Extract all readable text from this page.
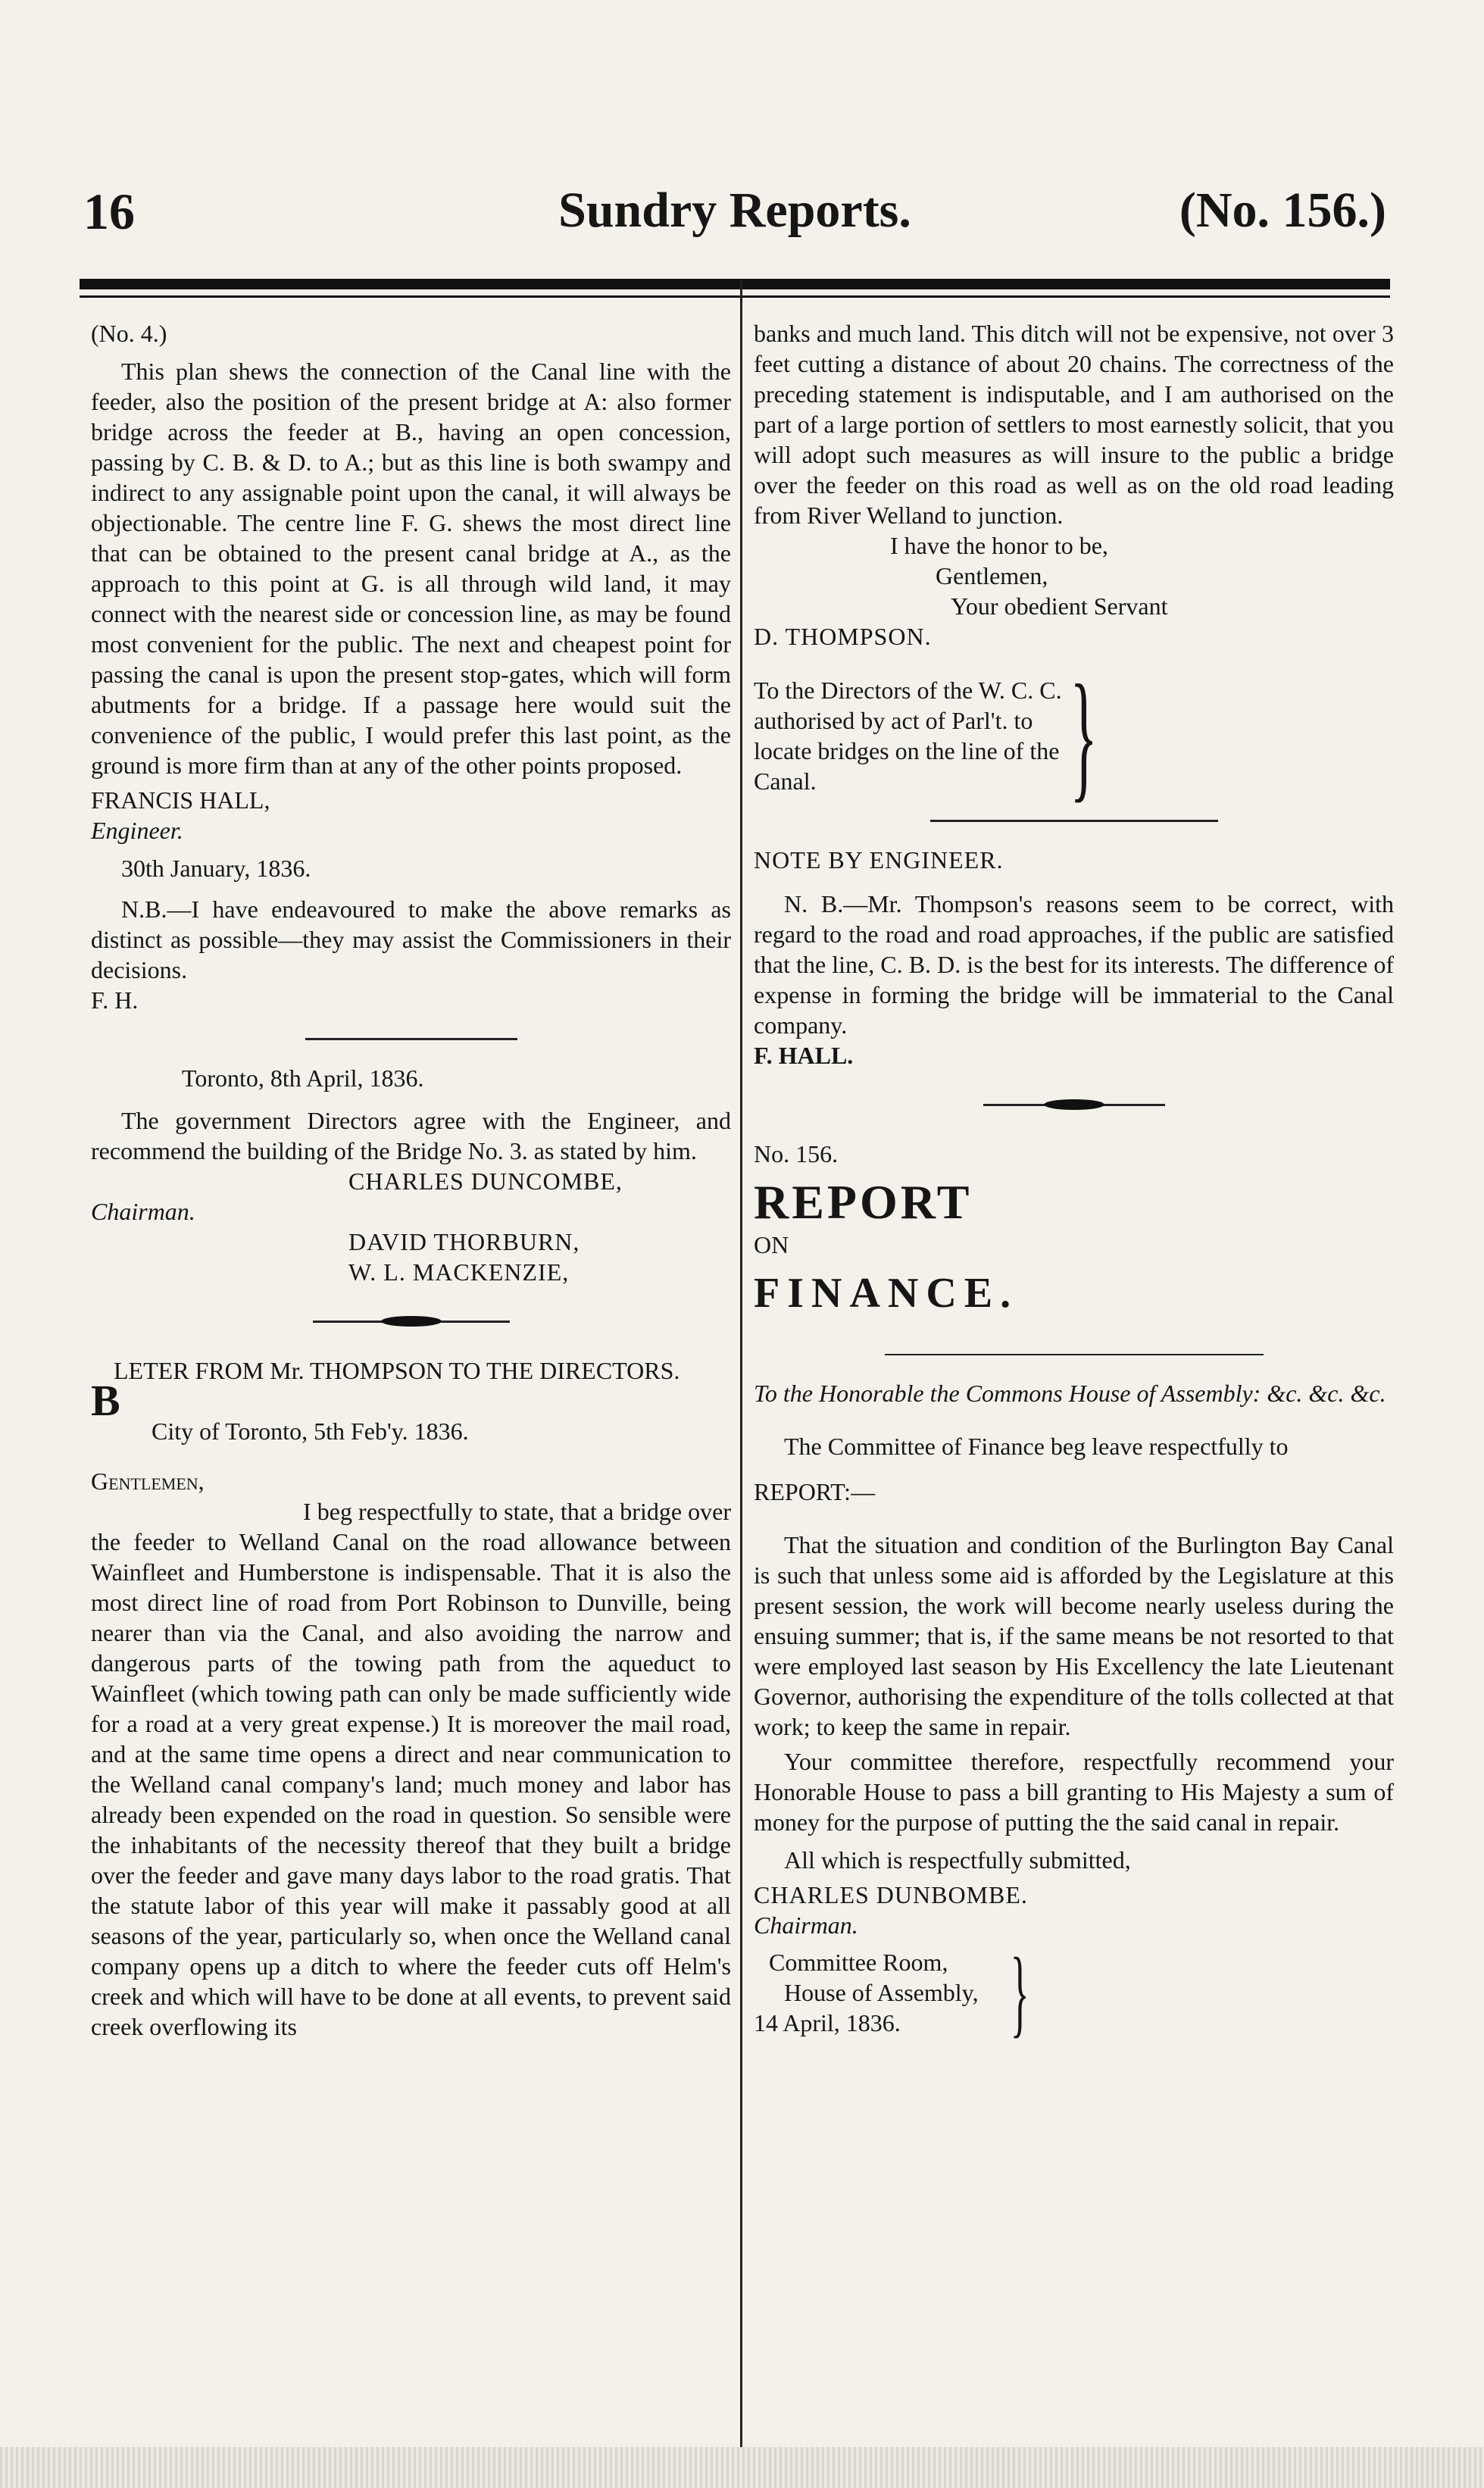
16	Sundry Reports.	(No. 156.)

(No. 4.)

This plan shews the connection of the Canal line with the feeder, also the position of the present bridge at A: also former bridge across the feeder at B., having an open concession, passing by C. B. & D. to A.; but as this line is both swampy and indirect to any assignable point upon the canal, it will always be objectionable. The centre line F. G. shews the most direct line that can be obtained to the present canal bridge at A., as the approach to this point at G. is all through wild land, it may connect with the nearest side or concession line, as may be found most convenient for the public. The next and cheapest point for passing the canal is upon the present stop-gates, which will form abutments for a bridge. If a passage here would suit the convenience of the public, I would prefer this last point, as the ground is more firm than at any of the other points proposed.

FRANCIS HALL,

Engineer.

30th January, 1836.

N.B.—I have endeavoured to make the above remarks as distinct as possible—they may assist the Commissioners in their decisions.

F. H.

Toronto, 8th April, 1836.

The government Directors agree with the Engineer, and recommend the building of the Bridge No. 3. as stated by him.

CHARLES DUNCOMBE,

Chairman.

DAVID THORBURN,

W. L. MACKENZIE,

LETER FROM Mr. THOMPSON TO THE DIRECTORS.

B

City of Toronto, 5th Feb'y. 1836.

Gentlemen,

I beg respectfully to state, that a bridge over the feeder to Welland Canal on the road allowance between Wainfleet and Humberstone is indispensable. That it is also the most direct line of road from Port Robinson to Dunville, being nearer than via the Canal, and also avoiding the narrow and dangerous parts of the towing path from the aqueduct to Wainfleet (which towing path can only be made sufficiently wide for a road at a very great expense.) It is moreover the mail road, and at the same time opens a direct and near communication to the Welland canal company's land; much money and labor has already been expended on the road in question. So sensible were the inhabitants of the necessity thereof that they built a bridge over the feeder and gave many days labor to the road gratis. That the statute labor of this year will make it passably good at all seasons of the year, particularly so, when once the Welland canal company opens up a ditch to where the feeder cuts off Helm's creek and which will have to be done at all events, to prevent said creek overflowing its

banks and much land. This ditch will not be expensive, not over 3 feet cutting a distance of about 20 chains. The correctness of the preceding statement is indisputable, and I am authorised on the part of a large portion of settlers to most earnestly solicit, that you will adopt such measures as will insure to the public a bridge over the feeder on this road as well as on the old road leading from River Welland to junction.

I have the honor to be,

Gentlemen,

Your obedient Servant

D. THOMPSON.

To the Directors of the W. C. C. authorised by act of Parl't. to locate bridges on the line of the Canal.	}

NOTE BY ENGINEER.

N. B.—Mr. Thompson's reasons seem to be correct, with regard to the road and road approaches, if the public are satisfied that the line, C. B. D. is the best for its interests. The difference of expense in forming the bridge will be immaterial to the Canal company.

F. HALL.

No. 156.

REPORT

ON

FINANCE.

To the Honorable the Commons House of Assembly: &c. &c. &c.

The Committee of Finance beg leave respectfully to

REPORT:—

That the situation and condition of the Burlington Bay Canal is such that unless some aid is afforded by the Legislature at this present session, the work will become nearly useless during the ensuing summer; that is, if the same means be not resorted to that were employed last season by His Excellency the late Lieutenant Governor, authorising the expenditure of the tolls collected at that work; to keep the same in repair.

Your committee therefore, respectfully recommend your Honorable House to pass a bill granting to His Majesty a sum of money for the purpose of putting the the said canal in repair.

All which is respectfully submitted,

CHARLES DUNBOMBE.

Chairman.

Committee Room,

House of Assembly,

14 April, 1836.	}
